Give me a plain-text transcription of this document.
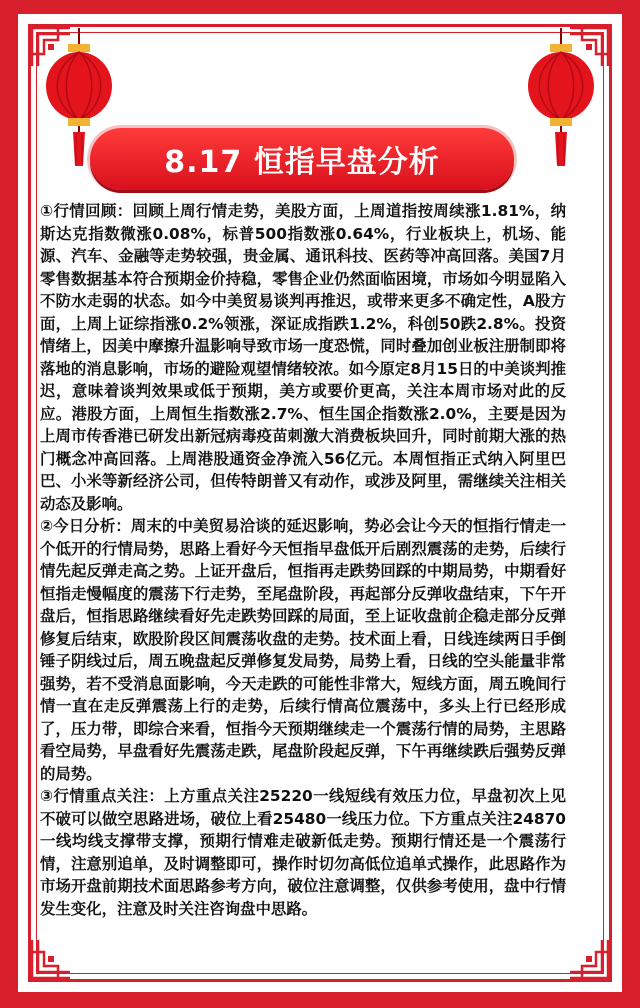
8.17 恒指早盘分析

①行情回顾：回顾上周行情走势，美股方面，上周道指按周续涨1.81%，纳斯达克指数微涨0.08%，标普500指数涨0.64%，行业板块上，机场、能源、汽车、金融等走势较强，贵金属、通讯科技、医药等冲高回落。美国7月零售数据基本符合预期金价持稳，零售企业仍然面临困境，市场如今明显陷入不防水走弱的状态。如今中美贸易谈判再推迟，或带来更多不确定性，A股方面，上周上证综指涨0.2%领涨，深证成指跌1.2%，科创50跌2.8%。投资情绪上，因美中摩擦升温影响导致市场一度恐慌，同时叠加创业板注册制即将落地的消息影响，市场的避险观望情绪较浓。如今原定8月15日的中美谈判推迟，意味着谈判效果或低于预期，美方或要价更高，关注本周市场对此的反应。港股方面，上周恒生指数涨2.7%、恒生国企指数涨2.0%，主要是因为上周市传香港已研发出新冠病毒疫苗刺激大消费板块回升，同时前期大涨的热门概念冲高回落。上周港股通资金净流入56亿元。本周恒指正式纳入阿里巴巴、小米等新经济公司，但传特朗普又有动作，或涉及阿里，需继续关注相关动态及影响。

②今日分析：周末的中美贸易洽谈的延迟影响，势必会让今天的恒指行情走一个低开的行情局势，思路上看好今天恒指早盘低开后剧烈震荡的走势，后续行情先起反弹走高之势。上证开盘后，恒指再走跌势回踩的中期局势，中期看好恒指走慢幅度的震荡下行走势，至尾盘阶段，再起部分反弹收盘结束，下午开盘后，恒指思路继续看好先走跌势回踩的局面，至上证收盘前企稳走部分反弹修复后结束，欧股阶段区间震荡收盘的走势。技术面上看，日线连续两日手倒锤子阴线过后，周五晚盘起反弹修复发局势，局势上看，日线的空头能量非常强势，若不受消息面影响，今天走跌的可能性非常大，短线方面，周五晚间行情一直在走反弹震荡上行的走势，后续行情高位震荡中，多头上行已经形成了，压力带，即综合来看，恒指今天预期继续走一个震荡行情的局势，主思路看空局势，早盘看好先震荡走跌，尾盘阶段起反弹，下午再继续跌后强势反弹的局势。

③行情重点关注：上方重点关注25220一线短线有效压力位，早盘初次上见不破可以做空思路进场，破位上看25480一线压力位。下方重点关注24870一线均线支撑带支撑，预期行情难走破新低走势。预期行情还是一个震荡行情，注意别追单，及时调整即可，操作时切勿高低位追单式操作，此思路作为市场开盘前期技术面思路参考方向，破位注意调整，仅供参考使用，盘中行情发生变化，注意及时关注咨询盘中思路。
